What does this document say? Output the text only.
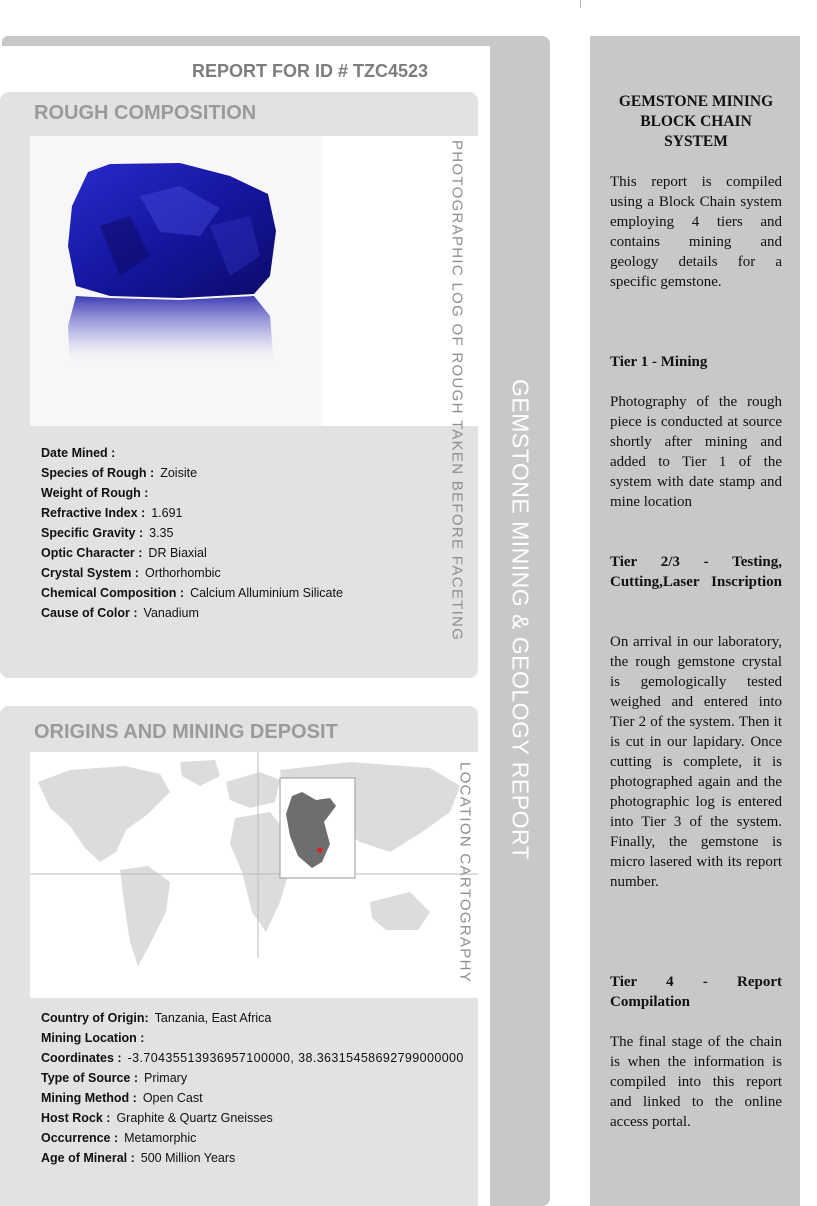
GEMSTONE MINING & GEOLOGY REPORT
REPORT FOR ID # TZC4523
ROUGH COMPOSITION
PHOTOGRAPHIC LOG OF ROUGH TAKEN BEFORE FACETING
Date Mined :
Species of Rough : Zoisite
Weight of Rough :
Refractive Index : 1.691
Specific Gravity : 3.35
Optic Character : DR Biaxial
Crystal System : Orthorhombic
Chemical Composition : Calcium Alluminium Silicate
Cause of Color : Vanadium
ORIGINS AND MINING DEPOSIT
LOCATION CARTOGRAPHY
Country of Origin: Tanzania, East Africa
Mining Location :
Coordinates : -3.70435513936957100000, 38.36315458692799000000
Type of Source : Primary
Mining Method : Open Cast
Host Rock : Graphite & Quartz Gneisses
Occurrence : Metamorphic
Age of Mineral : 500 Million Years
GEMSTONE MINING BLOCK CHAIN SYSTEM
This report is compiled using a Block Chain system employing 4 tiers and contains mining and geology details for a specific gemstone.
Tier 1 - Mining
Photography of the rough piece is conducted at source shortly after mining and added to Tier 1 of the system with date stamp and mine location
Tier 2/3 - Testing, Cutting,Laser Inscription
On arrival in our laboratory, the rough gemstone crystal is gemologically tested weighed and entered into Tier 2 of the system. Then it is cut in our lapidary. Once cutting is complete, it is photographed again and the photographic log is entered into Tier 3 of the system. Finally, the gemstone is micro lasered with its report number.
Tier 4 - Report Compilation
The final stage of the chain is when the information is compiled into this report and linked to the online access portal.
